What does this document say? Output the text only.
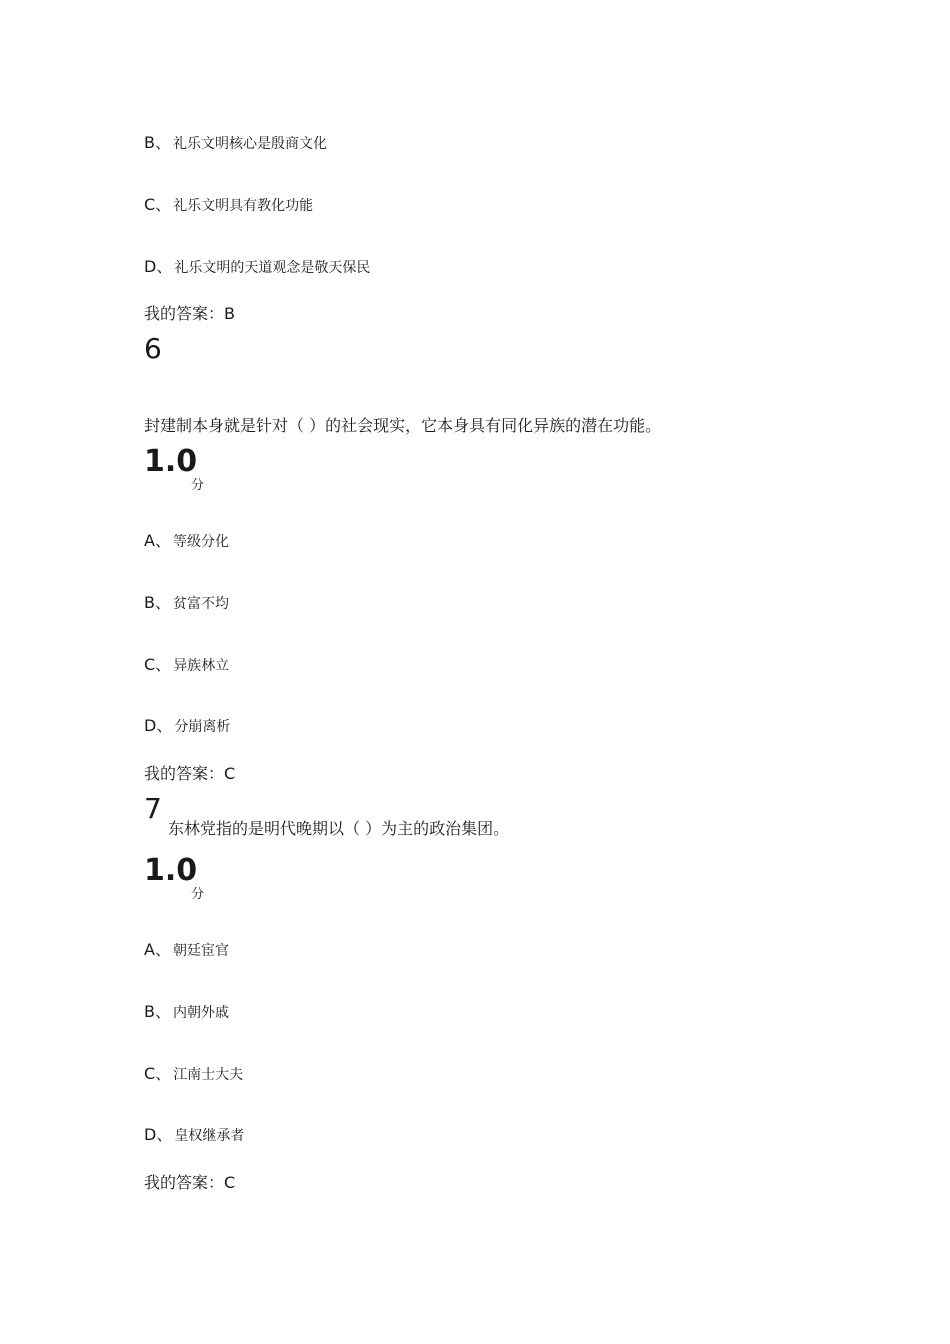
B、 礼乐文明核心是殷商文化
C、 礼乐文明具有教化功能
D、 礼乐文明的天道观念是敬天保民
我的答案：B
6
封建制本身就是针对（ ）的社会现实，它本身具有同化异族的潜在功能。
1.0
分
A、 等级分化
B、 贫富不均
C、 异族林立
D、 分崩离析
我的答案：C
7
东林党指的是明代晚期以（ ）为主的政治集团。
1.0
分
A、 朝廷宦官
B、 内朝外戚
C、 江南士大夫
D、 皇权继承者
我的答案：C
